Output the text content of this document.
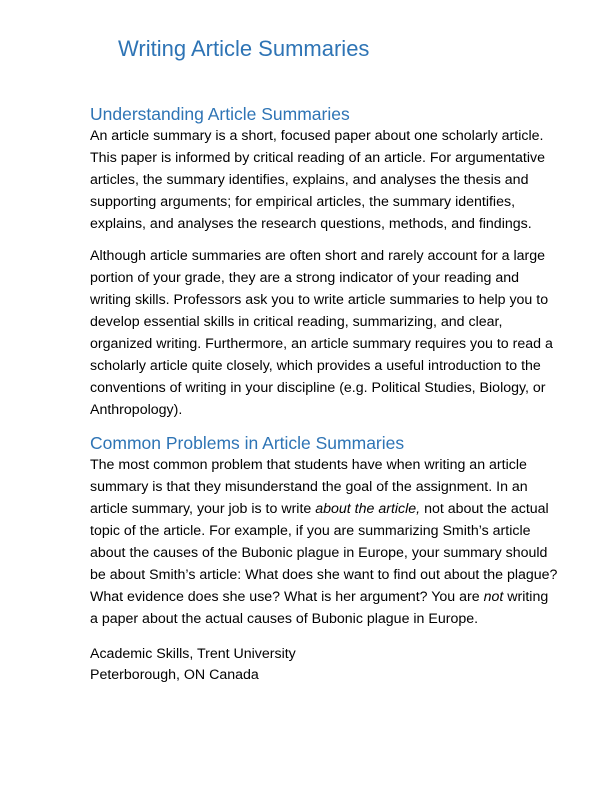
Writing Article Summaries
Understanding Article Summaries

An article summary is a short, focused paper about one scholarly article. This paper is informed by critical reading of an article. For argumentative articles, the summary identifies, explains, and analyses the thesis and supporting arguments; for empirical articles, the summary identifies, explains, and analyses the research questions, methods, and findings.

Although article summaries are often short and rarely account for a large portion of your grade, they are a strong indicator of your reading and writing skills. Professors ask you to write article summaries to help you to develop essential skills in critical reading, summarizing, and clear, organized writing. Furthermore, an article summary requires you to read a scholarly article quite closely, which provides a useful introduction to the conventions of writing in your discipline (e.g. Political Studies, Biology, or Anthropology).

Common Problems in Article Summaries

The most common problem that students have when writing an article summary is that they misunderstand the goal of the assignment. In an article summary, your job is to write about the article, not about the actual topic of the article. For example, if you are summarizing Smith’s article about the causes of the Bubonic plague in Europe, your summary should be about Smith’s article: What does she want to find out about the plague? What evidence does she use? What is her argument? You are not writing a paper about the actual causes of Bubonic plague in Europe.

Academic Skills, Trent University
Peterborough, ON Canada
